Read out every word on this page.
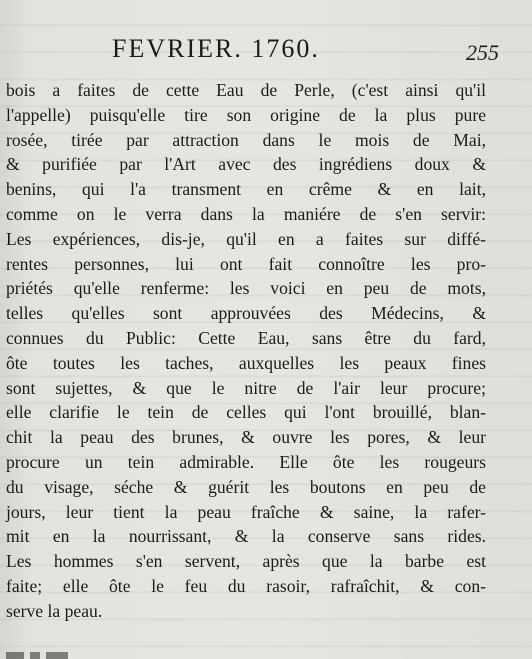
FEVRIER. 1760.	255
bois a faites de cette Eau de Perle, (c'est ainsi qu'il
l'appelle) puisqu'elle tire son origine de la plus pure
rosée, tirée par attraction dans le mois de Mai,
& purifiée par l'Art avec des ingrédiens doux &
benins, qui l'a transment en crême & en lait,
comme on le verra dans la maniére de s'en servir:
Les expériences, dis-je, qu'il en a faites sur diffé-
rentes personnes, lui ont fait connoître les pro-
priétés qu'elle renferme: les voici en peu de mots,
telles qu'elles sont approuvées des Médecins, &
connues du Public: Cette Eau, sans être du fard,
ôte toutes les taches, auxquelles les peaux fines
sont sujettes, & que le nitre de l'air leur procure;
elle clarifie le tein de celles qui l'ont brouillé, blan-
chit la peau des brunes, & ouvre les pores, & leur
procure un tein admirable. Elle ôte les rougeurs
du visage, séche & guérit les boutons en peu de
jours, leur tient la peau fraîche & saine, la rafer-
mit en la nourrissant, & la conserve sans rides.
Les hommes s'en servent, après que la barbe est
faite; elle ôte le feu du rasoir, rafraîchit, & con-
serve la peau.
